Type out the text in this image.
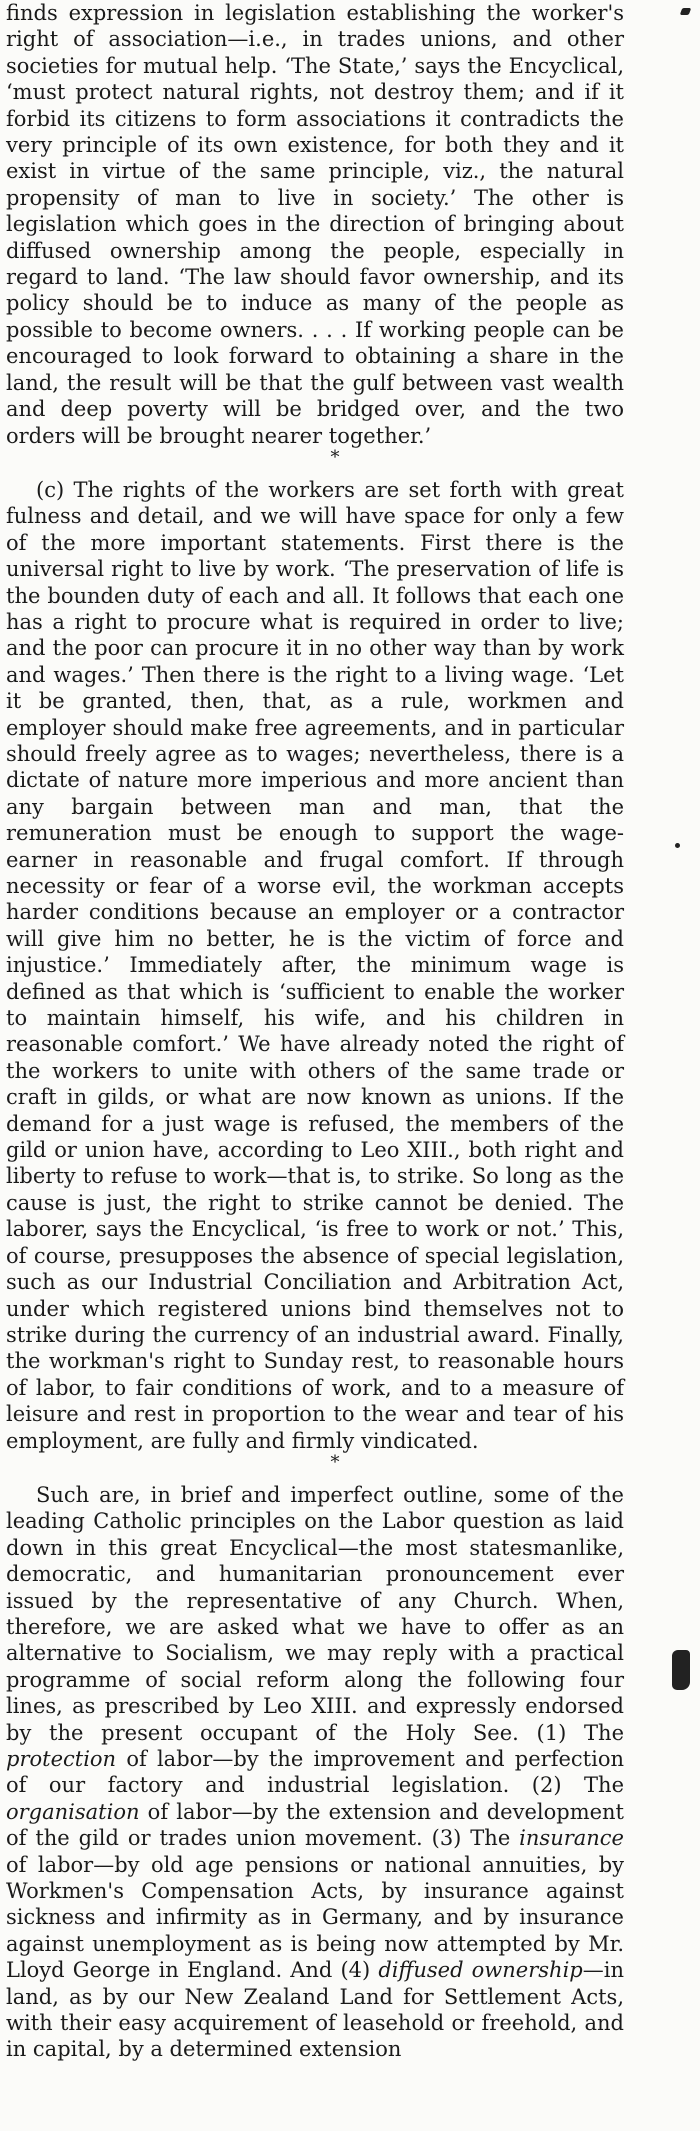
finds expression in legislation establishing the worker's right of association—i.e., in trades unions, and other societies for mutual help. ‘The State,’ says the Encyclical, ‘must protect natural rights, not destroy them; and if it forbid its citizens to form associations it contradicts the very principle of its own existence, for both they and it exist in virtue of the same principle, viz., the natural propensity of man to live in society.’ The other is legislation which goes in the direction of bringing about diffused ownership among the people, especially in regard to land. ‘The law should favor ownership, and its policy should be to induce as many of the people as possible to become owners. . . . If working people can be encouraged to look forward to obtaining a share in the land, the result will be that the gulf between vast wealth and deep poverty will be bridged over, and the two orders will be brought nearer together.’

*

(c) The rights of the workers are set forth with great fulness and detail, and we will have space for only a few of the more important statements. First there is the universal right to live by work. ‘The preservation of life is the bounden duty of each and all. It follows that each one has a right to procure what is required in order to live; and the poor can procure it in no other way than by work and wages.’ Then there is the right to a living wage. ‘Let it be granted, then, that, as a rule, workmen and employer should make free agreements, and in particular should freely agree as to wages; nevertheless, there is a dictate of nature more imperious and more ancient than any bargain between man and man, that the remuneration must be enough to support the wage-earner in reasonable and frugal comfort. If through necessity or fear of a worse evil, the workman accepts harder conditions because an employer or a contractor will give him no better, he is the victim of force and injustice.’ Immediately after, the minimum wage is defined as that which is ‘sufficient to enable the worker to maintain himself, his wife, and his children in reasonable comfort.’ We have already noted the right of the workers to unite with others of the same trade or craft in gilds, or what are now known as unions. If the demand for a just wage is refused, the members of the gild or union have, according to Leo XIII., both right and liberty to refuse to work—that is, to strike. So long as the cause is just, the right to strike cannot be denied. The laborer, says the Encyclical, ‘is free to work or not.’ This, of course, presupposes the absence of special legislation, such as our Industrial Conciliation and Arbitration Act, under which registered unions bind themselves not to strike during the currency of an industrial award. Finally, the workman's right to Sunday rest, to reasonable hours of labor, to fair conditions of work, and to a measure of leisure and rest in proportion to the wear and tear of his employment, are fully and firmly vindicated.

*

Such are, in brief and imperfect outline, some of the leading Catholic principles on the Labor question as laid down in this great Encyclical—the most statesmanlike, democratic, and humanitarian pronouncement ever issued by the representative of any Church. When, therefore, we are asked what we have to offer as an alternative to Socialism, we may reply with a practical programme of social reform along the following four lines, as prescribed by Leo XIII. and expressly endorsed by the present occupant of the Holy See. (1) The protection of labor—by the improvement and perfection of our factory and industrial legislation. (2) The organisation of labor—by the extension and development of the gild or trades union movement. (3) The insurance of labor—by old age pensions or national annuities, by Workmen's Compensation Acts, by insurance against sickness and infirmity as in Germany, and by insurance against unemployment as is being now attempted by Mr. Lloyd George in England. And (4) diffused ownership—in land, as by our New Zealand Land for Settlement Acts, with their easy acquirement of leasehold or freehold, and in capital, by a determined extension
